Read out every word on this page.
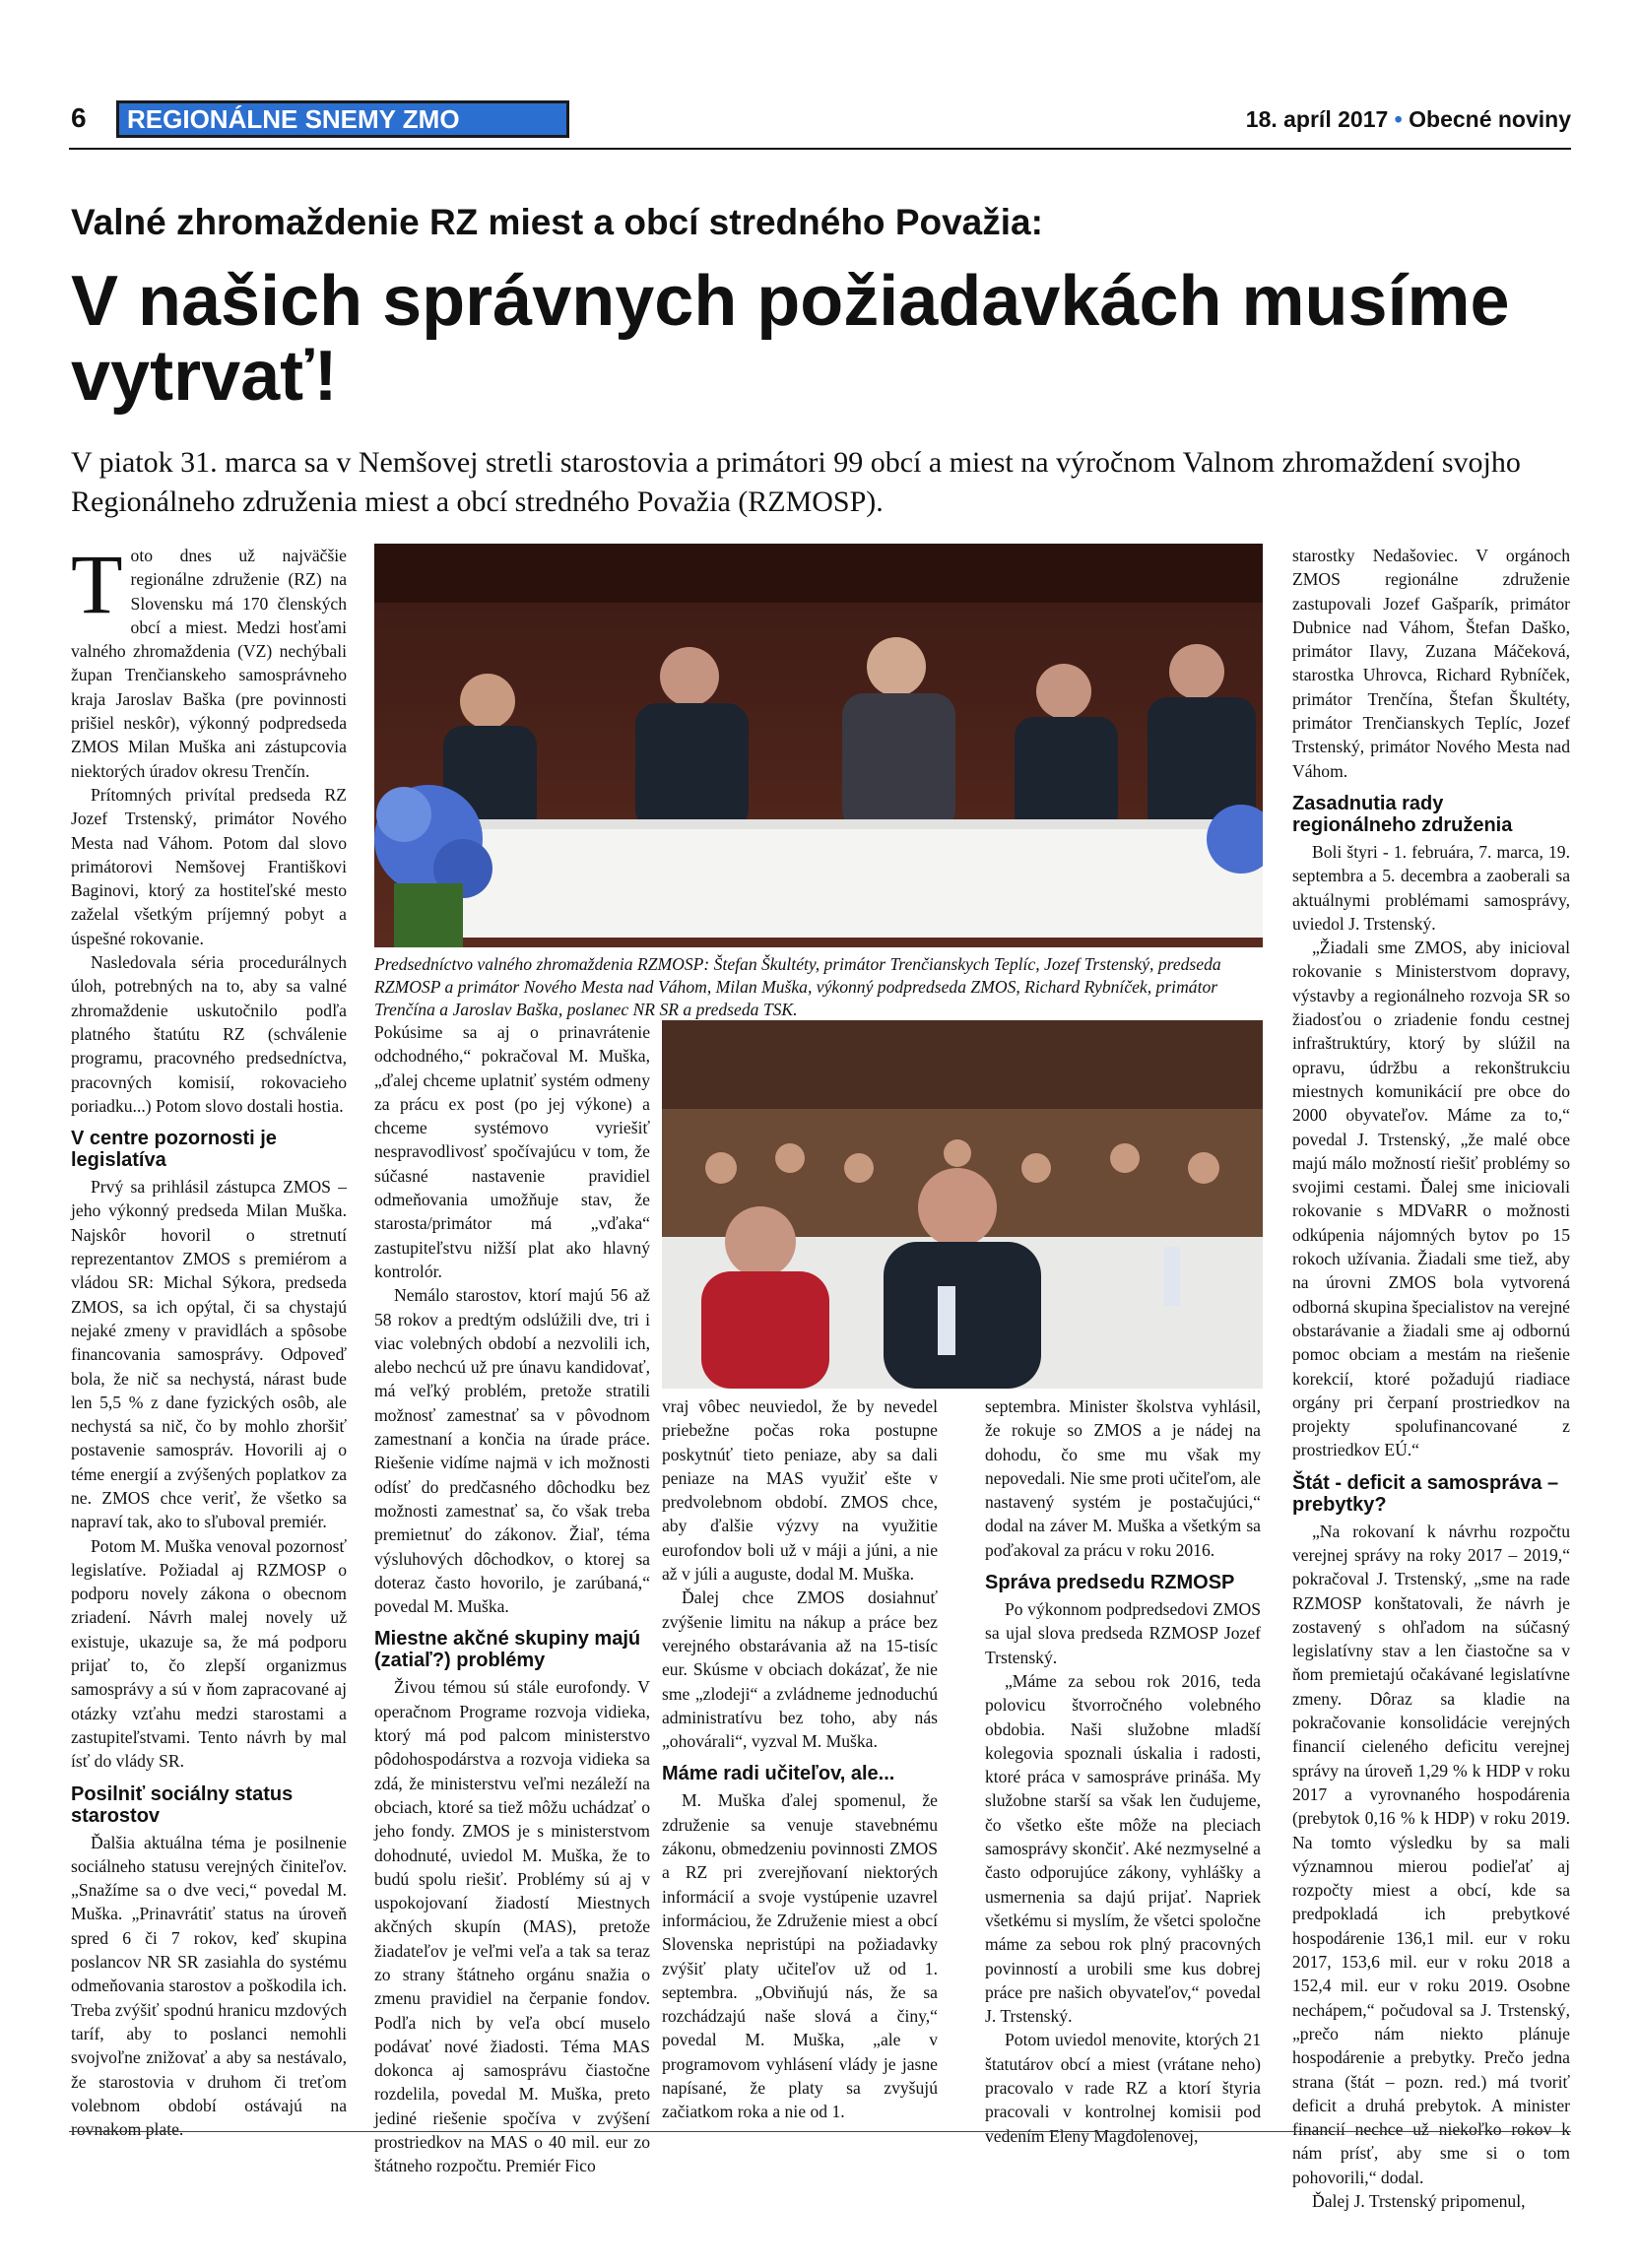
6	REGIONÁLNE SNEMY ZMO	18. apríl 2017 • Obecné noviny
Valné zhromaždenie RZ miest a obcí stredného Považia:
V našich správnych požiadavkách musíme vytrvať!
V piatok 31. marca sa v Nemšovej stretli starostovia a primátori 99 obcí a miest na výročnom Valnom zhromaždení svojho Regionálneho združenia miest a obcí stredného Považia (RZMOSP).

Toto dnes už najväčšie regionálne združenie (RZ) na Slovensku má 170 členských obcí a miest. Medzi hosťami valného zhromaždenia (VZ) nechýbali župan Trenčianskeho samosprávneho kraja Jaroslav Baška (pre povinnosti prišiel neskôr), výkonný podpredseda ZMOS Milan Muška ani zástupcovia niektorých úradov okresu Trenčín.

Prítomných privítal predseda RZ Jozef Trstenský, primátor Nového Mesta nad Váhom. Potom dal slovo primátorovi Nemšovej Františkovi Baginovi, ktorý za hostiteľské mesto zaželal všetkým príjemný pobyt a úspešné rokovanie.

Nasledovala séria procedurálnych úloh, potrebných na to, aby sa valné zhromaždenie uskutočnilo podľa platného štatútu RZ (schválenie programu, pracovného predsedníctva, pracovných komisií, rokovacieho poriadku...) Potom slovo dostali hostia.

V centre pozornosti je legislatíva

Prvý sa prihlásil zástupca ZMOS – jeho výkonný predseda Milan Muška. Najskôr hovoril o stretnutí reprezentantov ZMOS s premiérom a vládou SR: Michal Sýkora, predseda ZMOS, sa ich opýtal, či sa chystajú nejaké zmeny v pravidlách a spôsobe financovania samosprávy. Odpoveď bola, že nič sa nechystá, nárast bude len 5,5 % z dane fyzických osôb, ale nechystá sa nič, čo by mohlo zhoršiť postavenie samospráv. Hovorili aj o téme energií a zvýšených poplatkov za ne. ZMOS chce veriť, že všetko sa napraví tak, ako to sľuboval premiér.

Potom M. Muška venoval pozornosť legislatíve. Požiadal aj RZMOSP o podporu novely zákona o obecnom zriadení. Návrh malej novely už existuje, ukazuje sa, že má podporu prijať to, čo zlepší organizmus samosprávy a sú v ňom zapracované aj otázky vzťahu medzi starostami a zastupiteľstvami. Tento návrh by mal ísť do vlády SR.

Posilniť sociálny status starostov

Ďalšia aktuálna téma je posilnenie sociálneho statusu verejných činiteľov. „Snažíme sa o dve veci,“ povedal M. Muška. „Prinavrátiť status na úroveň spred 6 či 7 rokov, keď skupina poslancov NR SR zasiahla do systému odmeňovania starostov a poškodila ich. Treba zvýšiť spodnú hranicu mzdových taríf, aby to poslanci nemohli svojvoľne znižovať a aby sa nestávalo, že starostovia v druhom či treťom volebnom období ostávajú na rovnakom plate.

Predsedníctvo valného zhromaždenia RZMOSP: Štefan Škultéty, primátor Trenčianskych Teplíc, Jozef Trstenský, predseda RZMOSP a primátor Nového Mesta nad Váhom, Milan Muška, výkonný podpredseda ZMOS, Richard Rybníček, primátor Trenčína a Jaroslav Baška, poslanec NR SR a predseda TSK.

Pokúsime sa aj o prinavrátenie odchodného,“ pokračoval M. Muška, „ďalej chceme uplatniť systém odmeny za prácu ex post (po jej výkone) a chceme systémovo vyriešiť nespravodlivosť spočívajúcu v tom, že súčasné nastavenie pravidiel odmeňovania umožňuje stav, že starosta/primátor má „vďaka“ zastupiteľstvu nižší plat ako hlavný kontrolór.

Nemálo starostov, ktorí majú 56 až 58 rokov a predtým odslúžili dve, tri i viac volebných období a nezvolili ich, alebo nechcú už pre únavu kandidovať, má veľký problém, pretože stratili možnosť zamestnať sa v pôvodnom zamestnaní a končia na úrade práce. Riešenie vidíme najmä v ich možnosti odísť do predčasného dôchodku bez možnosti zamestnať sa, čo však treba premietnuť do zákonov. Žiaľ, téma výsluhových dôchodkov, o ktorej sa doteraz často hovorilo, je zarúbaná,“ povedal M. Muška.

Miestne akčné skupiny majú (zatiaľ?) problémy

Živou témou sú stále eurofondy. V operačnom Programe rozvoja vidieka, ktorý má pod palcom ministerstvo pôdohospodárstva a rozvoja vidieka sa zdá, že ministerstvu veľmi nezáleží na obciach, ktoré sa tiež môžu uchádzať o jeho fondy. ZMOS je s ministerstvom dohodnuté, uviedol M. Muška, že to budú spolu riešiť. Problémy sú aj v uspokojovaní žiadostí Miestnych akčných skupín (MAS), pretože žiadateľov je veľmi veľa a tak sa teraz zo strany štátneho orgánu snažia o zmenu pravidiel na čerpanie fondov. Podľa nich by veľa obcí muselo podávať nové žiadosti. Téma MAS dokonca aj samosprávu čiastočne rozdelila, povedal M. Muška, preto jediné riešenie spočíva v zvýšení prostriedkov na MAS o 40 mil. eur zo štátneho rozpočtu. Premiér Fico

vraj vôbec neuviedol, že by nevedel priebežne počas roka postupne poskytnúť tieto peniaze, aby sa dali peniaze na MAS využiť ešte v predvolebnom období. ZMOS chce, aby ďalšie výzvy na využitie eurofondov boli už v máji a júni, a nie až v júli a auguste, dodal M. Muška.

Ďalej chce ZMOS dosiahnuť zvýšenie limitu na nákup a práce bez verejného obstarávania až na 15-tisíc eur. Skúsme v obciach dokázať, že nie sme „zlodeji“ a zvládneme jednoduchú administratívu bez toho, aby nás „ohovárali“, vyzval M. Muška.

Máme radi učiteľov, ale...

M. Muška ďalej spomenul, že združenie sa venuje stavebnému zákonu, obmedzeniu povinnosti ZMOS a RZ pri zverejňovaní niektorých informácií a svoje vystúpenie uzavrel informáciou, že Združenie miest a obcí Slovenska nepristúpi na požiadavky zvýšiť platy učiteľov už od 1. septembra. „Obviňujú nás, že sa rozchádzajú naše slová a činy,“ povedal M. Muška, „ale v programovom vyhlásení vlády je jasne napísané, že platy sa zvyšujú začiatkom roka a nie od 1.

septembra. Minister školstva vyhlásil, že rokuje so ZMOS a je nádej na dohodu, čo sme mu však my nepovedali. Nie sme proti učiteľom, ale nastavený systém je postačujúci,“ dodal na záver M. Muška a všetkým sa poďakoval za prácu v roku 2016.

Správa predsedu RZMOSP

Po výkonnom podpredsedovi ZMOS sa ujal slova predseda RZMOSP Jozef Trstenský.

„Máme za sebou rok 2016, teda polovicu štvorročného volebného obdobia. Naši služobne mladší kolegovia spoznali úskalia i radosti, ktoré práca v samospráve prináša. My služobne starší sa však len čudujeme, čo všetko ešte môže na pleciach samosprávy skončiť. Aké nezmyselné a často odporujúce zákony, vyhlášky a usmernenia sa dajú prijať. Napriek všetkému si myslím, že všetci spoločne máme za sebou rok plný pracovných povinností a urobili sme kus dobrej práce pre našich obyvateľov,“ povedal J. Trstenský.

Potom uviedol menovite, ktorých 21 štatutárov obcí a miest (vrátane neho) pracovalo v rade RZ a ktorí štyria pracovali v kontrolnej komisii pod vedením Eleny Magdolenovej,

starostky Nedašoviec. V orgánoch ZMOS regionálne združenie zastupovali Jozef Gašparík, primátor Dubnice nad Váhom, Štefan Daško, primátor Ilavy, Zuzana Máčeková, starostka Uhrovca, Richard Rybníček, primátor Trenčína, Štefan Škultéty, primátor Trenčianskych Teplíc, Jozef Trstenský, primátor Nového Mesta nad Váhom.

Zasadnutia rady regionálneho združenia

Boli štyri - 1. februára, 7. marca, 19. septembra a 5. decembra a zaoberali sa aktuálnymi problémami samosprávy, uviedol J. Trstenský.

„Žiadali sme ZMOS, aby inicioval rokovanie s Ministerstvom dopravy, výstavby a regionálneho rozvoja SR so žiadosťou o zriadenie fondu cestnej infraštruktúry, ktorý by slúžil na opravu, údržbu a rekonštrukciu miestnych komunikácií pre obce do 2000 obyvateľov. Máme za to,“ povedal J. Trstenský, „že malé obce majú málo možností riešiť problémy so svojimi cestami. Ďalej sme iniciovali rokovanie s MDVaRR o možnosti odkúpenia nájomných bytov po 15 rokoch užívania. Žiadali sme tiež, aby na úrovni ZMOS bola vytvorená odborná skupina špecialistov na verejné obstarávanie a žiadali sme aj odbornú pomoc obciam a mestám na riešenie korekcií, ktoré požadujú riadiace orgány pri čerpaní prostriedkov na projekty spolufinancované z prostriedkov EÚ.“

Štát - deficit a samospráva – prebytky?

„Na rokovaní k návrhu rozpočtu verejnej správy na roky 2017 – 2019,“ pokračoval J. Trstenský, „sme na rade RZMOSP konštatovali, že návrh je zostavený s ohľadom na súčasný legislatívny stav a len čiastočne sa v ňom premietajú očakávané legislatívne zmeny. Dôraz sa kladie na pokračovanie konsolidácie verejných financií cieleného deficitu verejnej správy na úroveň 1,29 % k HDP v roku 2017 a vyrovnaného hospodárenia (prebytok 0,16 % k HDP) v roku 2019. Na tomto výsledku by sa mali významnou mierou podieľať aj rozpočty miest a obcí, kde sa predpokladá ich prebytkové hospodárenie 136,1 mil. eur v roku 2017, 153,6 mil. eur v roku 2018 a 152,4 mil. eur v roku 2019. Osobne nechápem,“ počudoval sa J. Trstenský, „prečo nám niekto plánuje hospodárenie a prebytky. Prečo jedna strana (štát – pozn. red.) má tvoriť deficit a druhá prebytok. A minister financií nechce už niekoľko rokov k nám prísť, aby sme si o tom pohovorili,“ dodal.

Ďalej J. Trstenský pripomenul,
